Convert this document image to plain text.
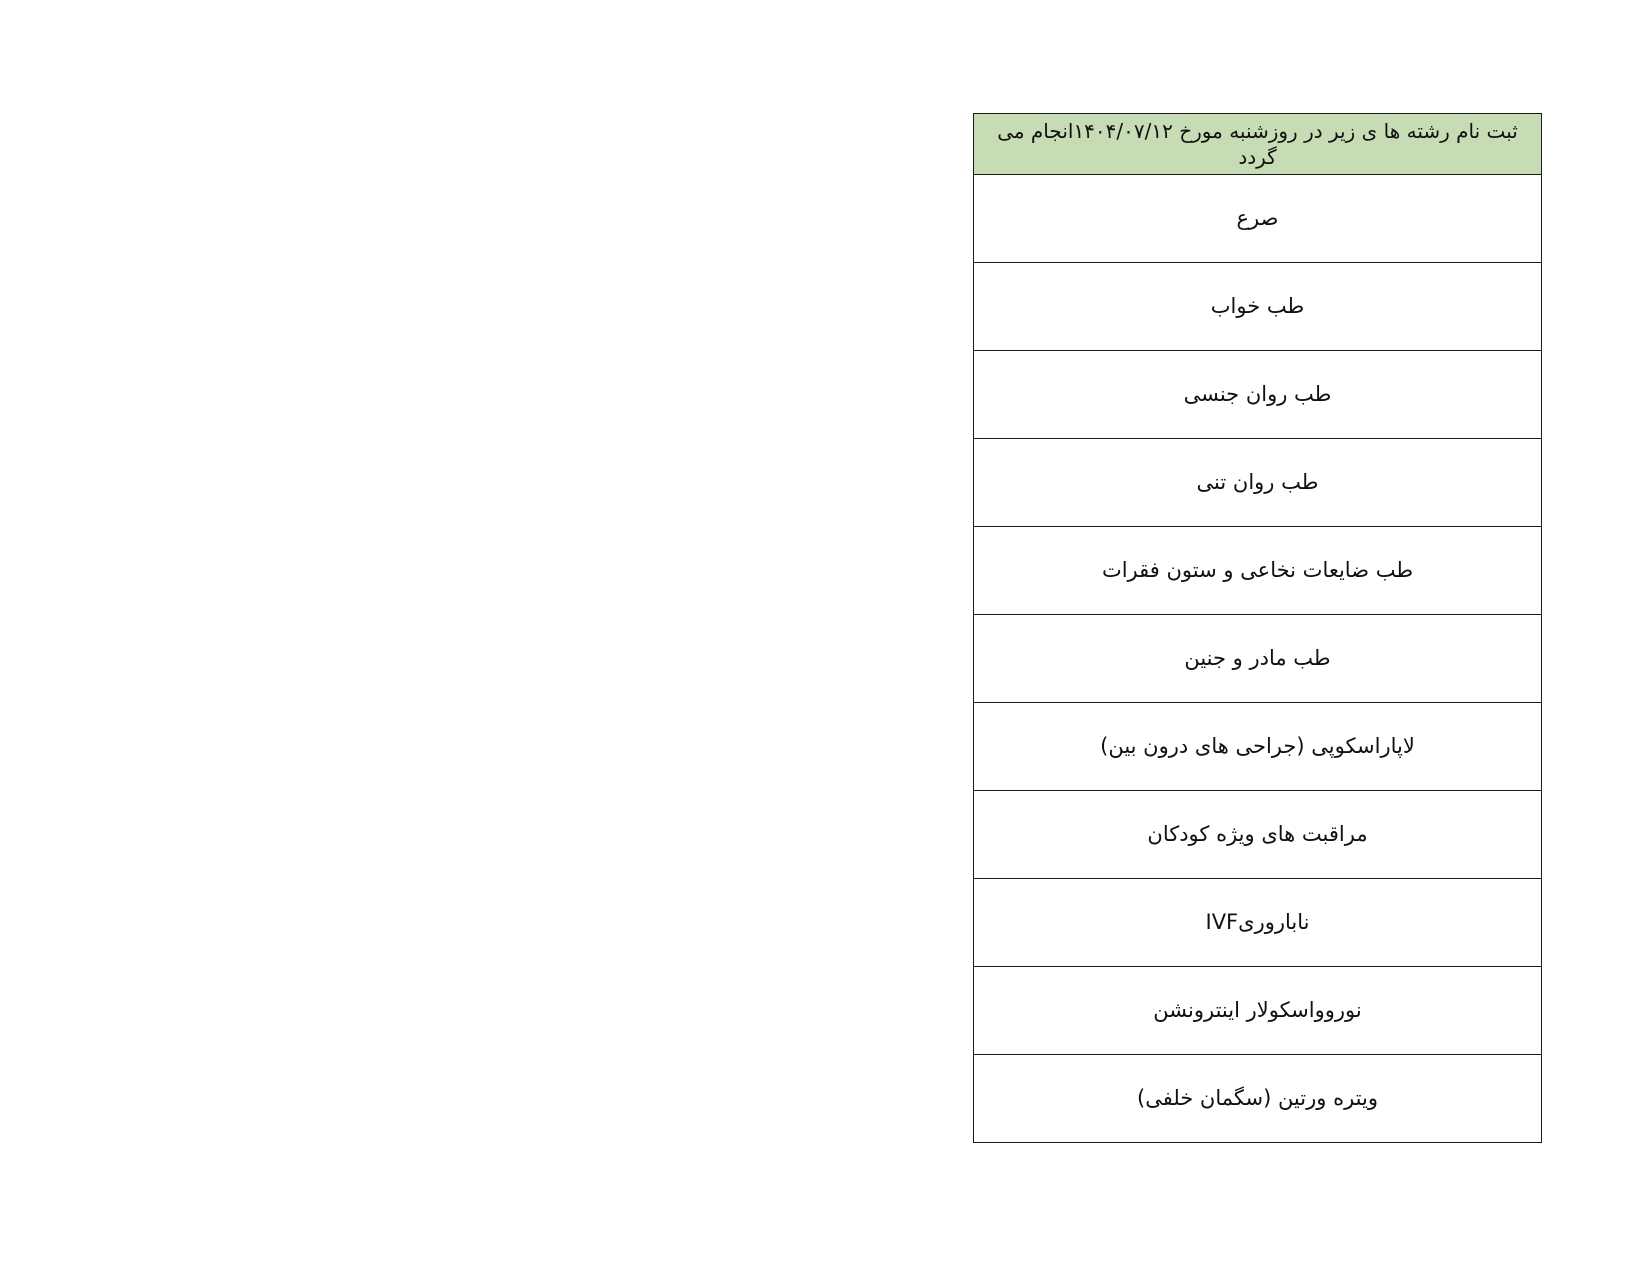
ثبت نام رشته ها ی زیر در روزشنبه مورخ ۱۴۰۴/۰۷/۱۲انجام می گردد
صرع
طب خواب
طب روان جنسی
طب روان تنی
طب ضایعات نخاعی و ستون فقرات
طب مادر و جنین
لاپاراسکوپی (جراحی های درون بین)
مراقبت های ویژه کودکان
ناباروریIVF
نوروواسکولار اینترونشن
ویتره ورتین (سگمان خلفی)
